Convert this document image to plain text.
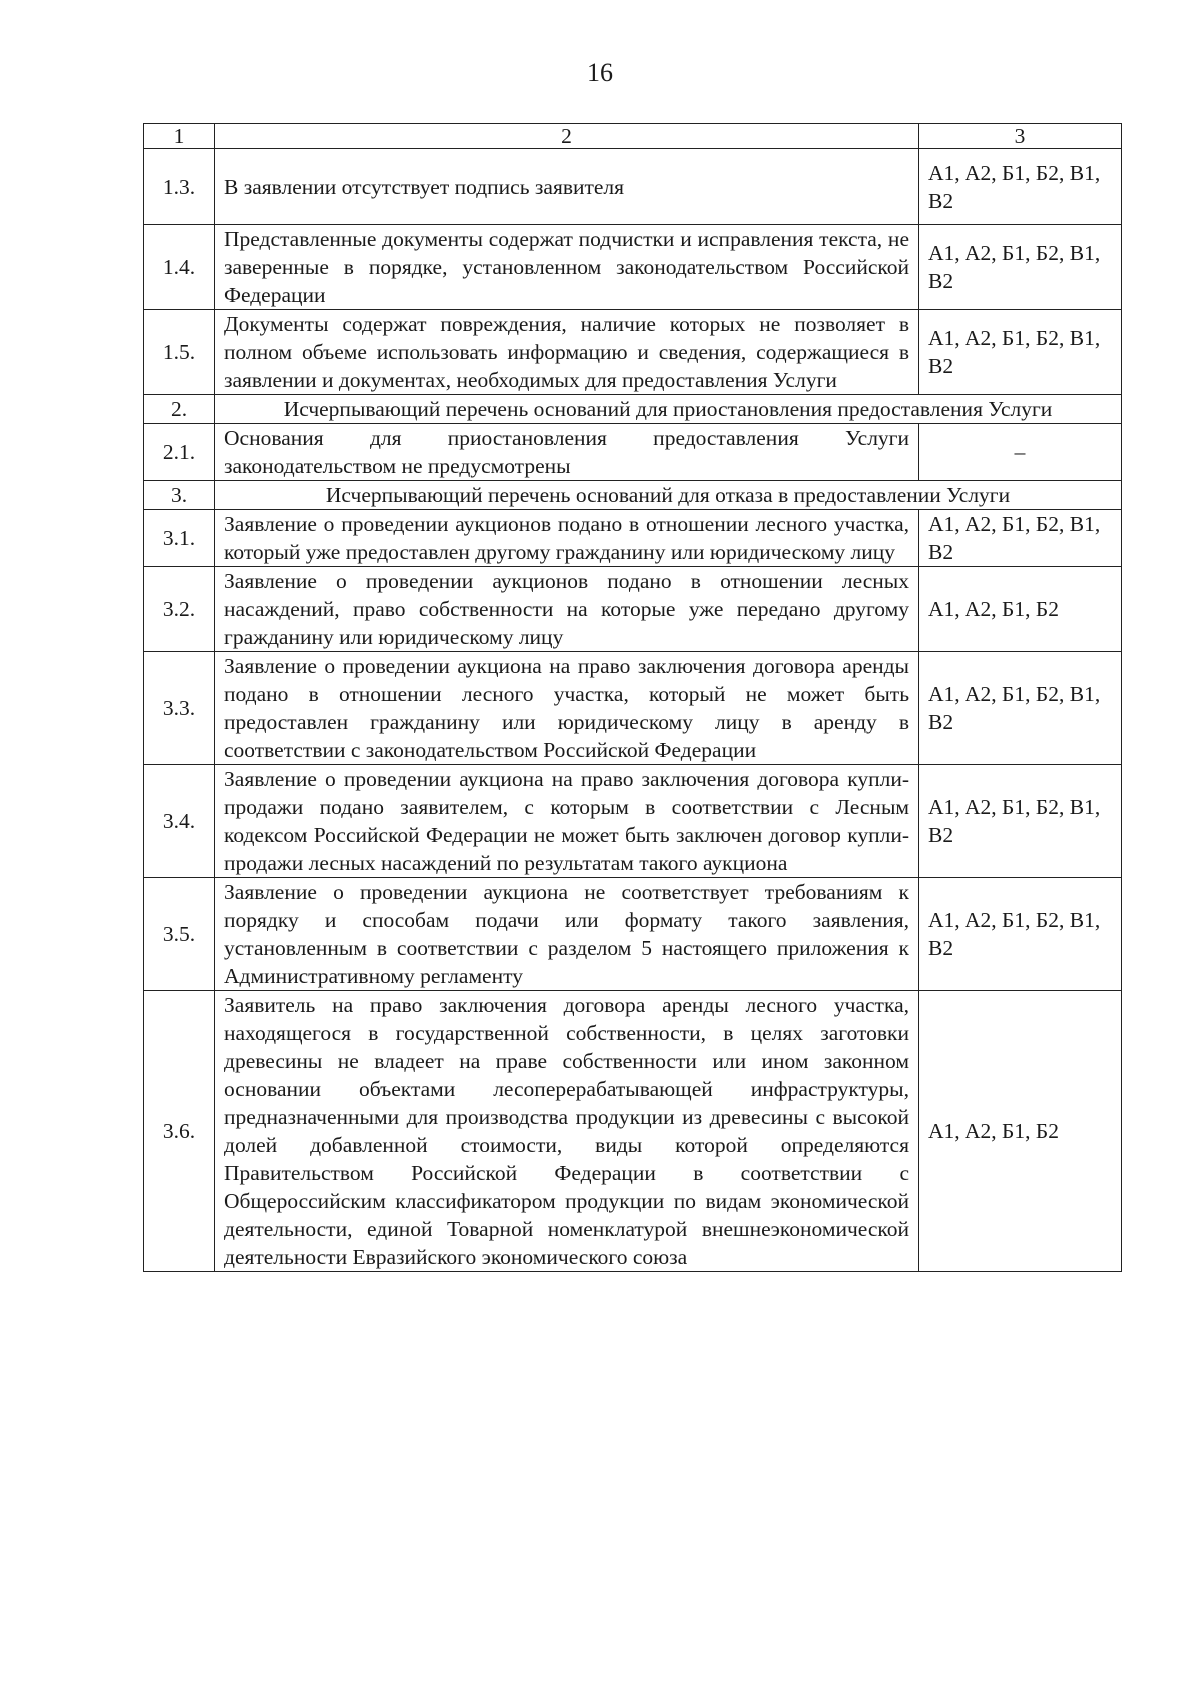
16
1	2	3
1.3.	В заявлении отсутствует подпись заявителя	А1, А2, Б1, Б2, В1, В2
1.4.	Представленные документы содержат подчистки и исправления текста, не заверенные в порядке, установленном законодательством Российской Федерации	А1, А2, Б1, Б2, В1, В2
1.5.	Документы содержат повреждения, наличие которых не позволяет в полном объеме использовать информацию и сведения, содержащиеся в заявлении и документах, необходимых для предоставления Услуги	А1, А2, Б1, Б2, В1, В2
2.	Исчерпывающий перечень оснований для приостановления предоставления Услуги	
2.1.	Основания для приостановления предоставления Услуги законодательством не предусмотрены	–
3.	Исчерпывающий перечень оснований для отказа в предоставлении Услуги	
3.1.	Заявление о проведении аукционов подано в отношении лесного участка, который уже предоставлен другому гражданину или юридическому лицу	А1, А2, Б1, Б2, В1, В2
3.2.	Заявление о проведении аукционов подано в отношении лесных насаждений, право собственности на которые уже передано другому гражданину или юридическому лицу	А1, А2, Б1, Б2
3.3.	Заявление о проведении аукциона на право заключения договора аренды подано в отношении лесного участка, который не может быть предоставлен гражданину или юридическому лицу в аренду в соответствии с законодательством Российской Федерации	А1, А2, Б1, Б2, В1, В2
3.4.	Заявление о проведении аукциона на право заключения договора купли-продажи подано заявителем, с которым в соответствии с Лесным кодексом Российской Федерации не может быть заключен договор купли-продажи лесных насаждений по результатам такого аукциона	А1, А2, Б1, Б2, В1, В2
3.5.	Заявление о проведении аукциона не соответствует требованиям к порядку и способам подачи или формату такого заявления, установленным в соответствии с разделом 5 настоящего приложения к Административному регламенту	А1, А2, Б1, Б2, В1, В2
3.6.	Заявитель на право заключения договора аренды лесного участка, находящегося в государственной собственности, в целях заготовки древесины не владеет на праве собственности или ином законном основании объектами лесоперерабатывающей инфраструктуры, предназначенными для производства продукции из древесины с высокой долей добавленной стоимости, виды которой определяются Правительством Российской Федерации в соответствии с Общероссийским классификатором продукции по видам экономической деятельности, единой Товарной номенклатурой внешнеэкономической деятельности Евразийского экономического союза	А1, А2, Б1, Б2
